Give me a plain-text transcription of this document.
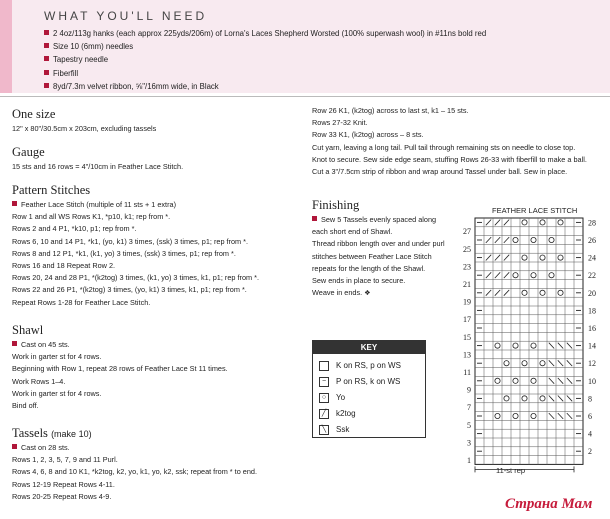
WHAT YOU'LL NEED
2 4oz/113g hanks (each approx 225yds/206m) of Lorna's Laces Shepherd Worsted (100% superwash wool) in #11ns bold red
Size 10 (6mm) needles
Tapestry needle
Fiberfill
8yd/7.3m velvet ribbon, ⅝"/16mm wide, in Black
One size
12" x 80"/30.5cm x 203cm, excluding tassels
Gauge
15 sts and 16 rows = 4"/10cm in Feather Lace Stitch.
Pattern Stitches
Feather Lace Stitch (multiple of 11 sts + 1 extra)
Row 1 and all WS Rows K1, *p10, k1; rep from *.
Rows 2 and 4 P1, *k10, p1; rep from *.
Rows 6, 10 and 14 P1, *k1, (yo, k1) 3 times, (ssk) 3 times, p1; rep from *.
Rows 8 and 12 P1, *k1, (k1, yo) 3 times, (ssk) 3 times, p1; rep from *.
Rows 16 and 18 Repeat Row 2.
Rows 20, 24 and 28 P1, *(k2tog) 3 times, (k1, yo) 3 times, k1, p1; rep from *.
Rows 22 and 26 P1, *(k2tog) 3 times, (yo, k1) 3 times, k1, p1; rep from *.
Repeat Rows 1-28 for Feather Lace Stitch.
Shawl
Cast on 45 sts.
Work in garter st for 4 rows.
Beginning with Row 1, repeat 28 rows of Feather Lace St 11 times.
Work Rows 1–4.
Work in garter st for 4 rows.
Bind off.
Tassels (make 10)
Cast on 28 sts.
Rows 1, 2, 3, 5, 7, 9 and 11 Purl.
Rows 4, 6, 8 and 10 K1, *k2tog, k2, yo, k1, yo, k2, ssk; repeat from * to end.
Rows 12-19 Repeat Rows 4-11.
Rows 20-25 Repeat Rows 4-9.
Row 26 K1, (k2tog) across to last st, k1 – 15 sts.
Rows 27-32 Knit.
Row 33 K1, (k2tog) across – 8 sts.
Cut yarn, leaving a long tail. Pull tail through remaining sts on needle to close top.
Knot to secure. Sew side edge seam, stuffing Rows 26-33 with fiberfill to make a ball.
Cut a 3"/7.5cm strip of ribbon and wrap around Tassel under ball. Sew in place.
Finishing
Sew 5 Tassels evenly spaced along
each short end of Shawl.
Thread ribbon length over and under purl
stitches between Feather Lace Stitch
repeats for the length of the Shawl.
Sew ends in place to secure.
Weave in ends. ❖
KEY
K on RS, p on WS
− P on RS, k on WS
○ Yo
╱ k2tog
╲ Ssk
FEATHER LACE STITCH
27
25
23
21
19
17
15
13
11
9
7
5
3
1
28
26
24
22
20
18
16
14
12
10
8
6
4
2
11-st rep
Страна Мам
